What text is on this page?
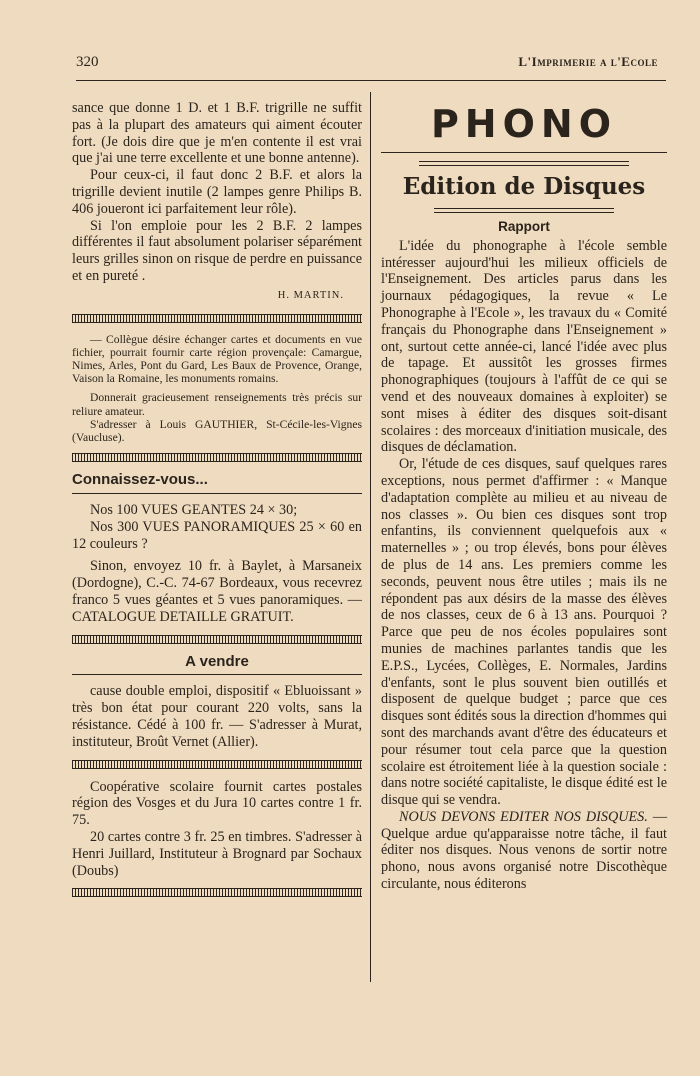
320	L'Imprimerie a l'Ecole

sance que donne 1 D. et 1 B.F. trigrille ne suffit pas à la plupart des amateurs qui aiment écouter fort. (Je dois dire que je m'en contente il est vrai que j'ai une terre excellente et une bonne antenne).

Pour ceux-ci, il faut donc 2 B.F. et alors la trigrille devient inutile (2 lampes genre Philips B. 406 joueront ici parfaitement leur rôle).

Si l'on emploie pour les 2 B.F. 2 lampes différentes il faut absolument polariser séparément leurs grilles sinon on risque de perdre en puissance et en pureté .

H. MARTIN.

— Collègue désire échanger cartes et documents en vue fichier, pourrait fournir carte région provençale: Camargue, Nimes, Arles, Pont du Gard, Les Baux de Provence, Orange, Vaison la Romaine, les monuments romains.

Donnerait gracieusement renseignements très précis sur reliure amateur.

S'adresser à Louis GAUTHIER, St-Cécile-les-Vignes (Vaucluse).

Connaissez-vous...

Nos 100 VUES GEANTES 24 × 30;

Nos 300 VUES PANORAMIQUES 25 × 60 en 12 couleurs ?

Sinon, envoyez 10 fr. à Baylet, à Marsaneix (Dordogne), C.-C. 74-67 Bordeaux, vous recevrez franco 5 vues géantes et 5 vues panoramiques. — CATALOGUE DETAILLE GRATUIT.

A vendre

cause double emploi, dispositif « Ebluoissant » très bon état pour courant 220 volts, sans la résistance. Cédé à 100 fr. — S'adresser à Murat, instituteur, Broût Vernet (Allier).

Coopérative scolaire fournit cartes postales région des Vosges et du Jura 10 cartes contre 1 fr. 75.

20 cartes contre 3 fr. 25 en timbres. S'adresser à Henri Juillard, Instituteur à Brognard par Sochaux (Doubs)

PHONO
Edition de Disques
Rapport

L'idée du phonographe à l'école semble intéresser aujourd'hui les milieux officiels de l'Enseignement. Des articles parus dans les journaux pédagogiques, la revue « Le Phonographe à l'Ecole », les travaux du « Comité français du Phonographe dans l'Enseignement » ont, surtout cette année-ci, lancé l'idée avec plus de tapage. Et aussitôt les grosses firmes phonographiques (toujours à l'affût de ce qui se vend et des nouveaux domaines à exploiter) se sont mises à éditer des disques soit-disant scolaires : des morceaux d'initiation musicale, des disques de déclamation.

Or, l'étude de ces disques, sauf quelques rares exceptions, nous permet d'affirmer : « Manque d'adaptation complète au milieu et au niveau de nos classes ». Ou bien ces disques sont trop enfantins, ils conviennent quelquefois aux « maternelles » ; ou trop élevés, bons pour élèves de plus de 14 ans. Les premiers comme les seconds, peuvent nous être utiles ; mais ils ne répondent pas aux désirs de la masse des élèves de nos classes, ceux de 6 à 13 ans. Pourquoi ? Parce que peu de nos écoles populaires sont munies de machines parlantes tandis que les E.P.S., Lycées, Collèges, E. Normales, Jardins d'enfants, sont le plus souvent bien outillés et disposent de quelque budget ; parce que ces disques sont édités sous la direction d'hommes qui sont des marchands avant d'être des éducateurs et pour résumer tout cela parce que la question scolaire est étroitement liée à la question sociale : dans notre société capitaliste, le disque édité est le disque qui se vendra.

NOUS DEVONS EDITER NOS DISQUES. — Quelque ardue qu'apparaisse notre tâche, il faut éditer nos disques. Nous venons de sortir notre phono, nous avons organisé notre Discothèque circulante, nous éditerons
